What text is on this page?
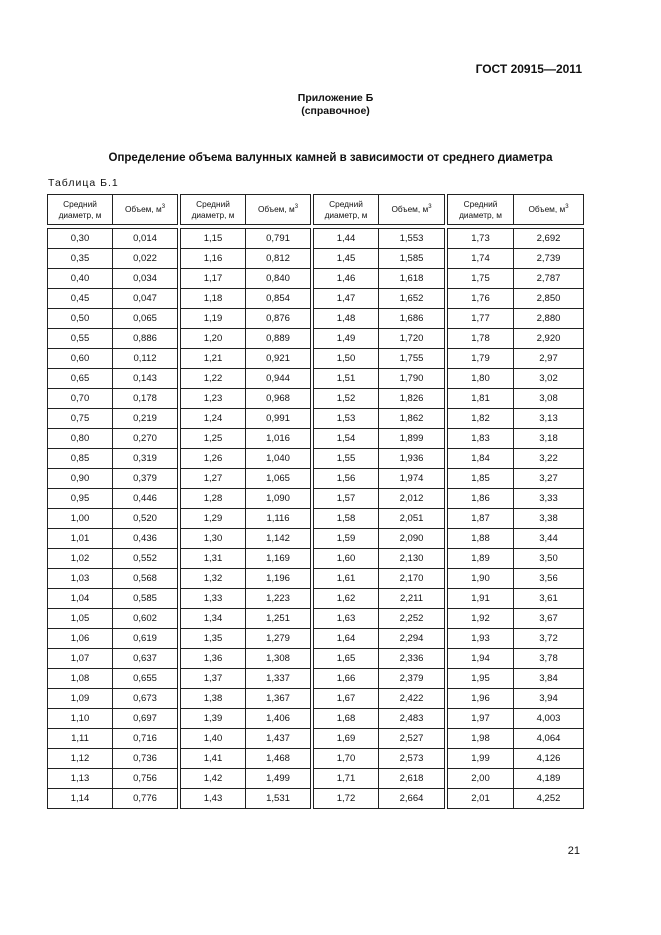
ГОСТ 20915—2011
Приложение Б
(справочное)
Определение объема валунных камней в зависимости от среднего диаметра
Таблица Б.1
Средний диаметр, м	Объем, $м^3$		Средний диаметр, м	Объем, $м^3$		Средний диаметр, м	Объем, $м^3$		Средний диаметр, м	Объем, $м^3$

0,30	0,014		1,15	0,791		1,44	1,553		1,73	2,692
0,35	0,022		1,16	0,812		1,45	1,585		1,74	2,739
0,40	0,034		1,17	0,840		1,46	1,618		1,75	2,787
0,45	0,047		1,18	0,854		1,47	1,652		1,76	2,850
0,50	0,065		1,19	0,876		1,48	1,686		1,77	2,880
0,55	0,886		1,20	0,889		1,49	1,720		1,78	2,920
0,60	0,112		1,21	0,921		1,50	1,755		1,79	2,97
0,65	0,143		1,22	0,944		1,51	1,790		1,80	3,02
0,70	0,178		1,23	0,968		1,52	1,826		1,81	3,08
0,75	0,219		1,24	0,991		1,53	1,862		1,82	3,13
0,80	0,270		1,25	1,016		1,54	1,899		1,83	3,18
0,85	0,319		1,26	1,040		1,55	1,936		1,84	3,22
0,90	0,379		1,27	1,065		1,56	1,974		1,85	3,27
0,95	0,446		1,28	1,090		1,57	2,012		1,86	3,33
1,00	0,520		1,29	1,116		1,58	2,051		1,87	3,38
1,01	0,436		1,30	1,142		1,59	2,090		1,88	3,44
1,02	0,552		1,31	1,169		1,60	2,130		1,89	3,50
1,03	0,568		1,32	1,196		1,61	2,170		1,90	3,56
1,04	0,585		1,33	1,223		1,62	2,211		1,91	3,61
1,05	0,602		1,34	1,251		1,63	2,252		1,92	3,67
1,06	0,619		1,35	1,279		1,64	2,294		1,93	3,72
1,07	0,637		1,36	1,308		1,65	2,336		1,94	3,78
1,08	0,655		1,37	1,337		1,66	2,379		1,95	3,84
1,09	0,673		1,38	1,367		1,67	2,422		1,96	3,94
1,10	0,697		1,39	1,406		1,68	2,483		1,97	4,003
1,11	0,716		1,40	1,437		1,69	2,527		1,98	4,064
1,12	0,736		1,41	1,468		1,70	2,573		1,99	4,126
1,13	0,756		1,42	1,499		1,71	2,618		2,00	4,189
1,14	0,776		1,43	1,531		1,72	2,664		2,01	4,252
21
